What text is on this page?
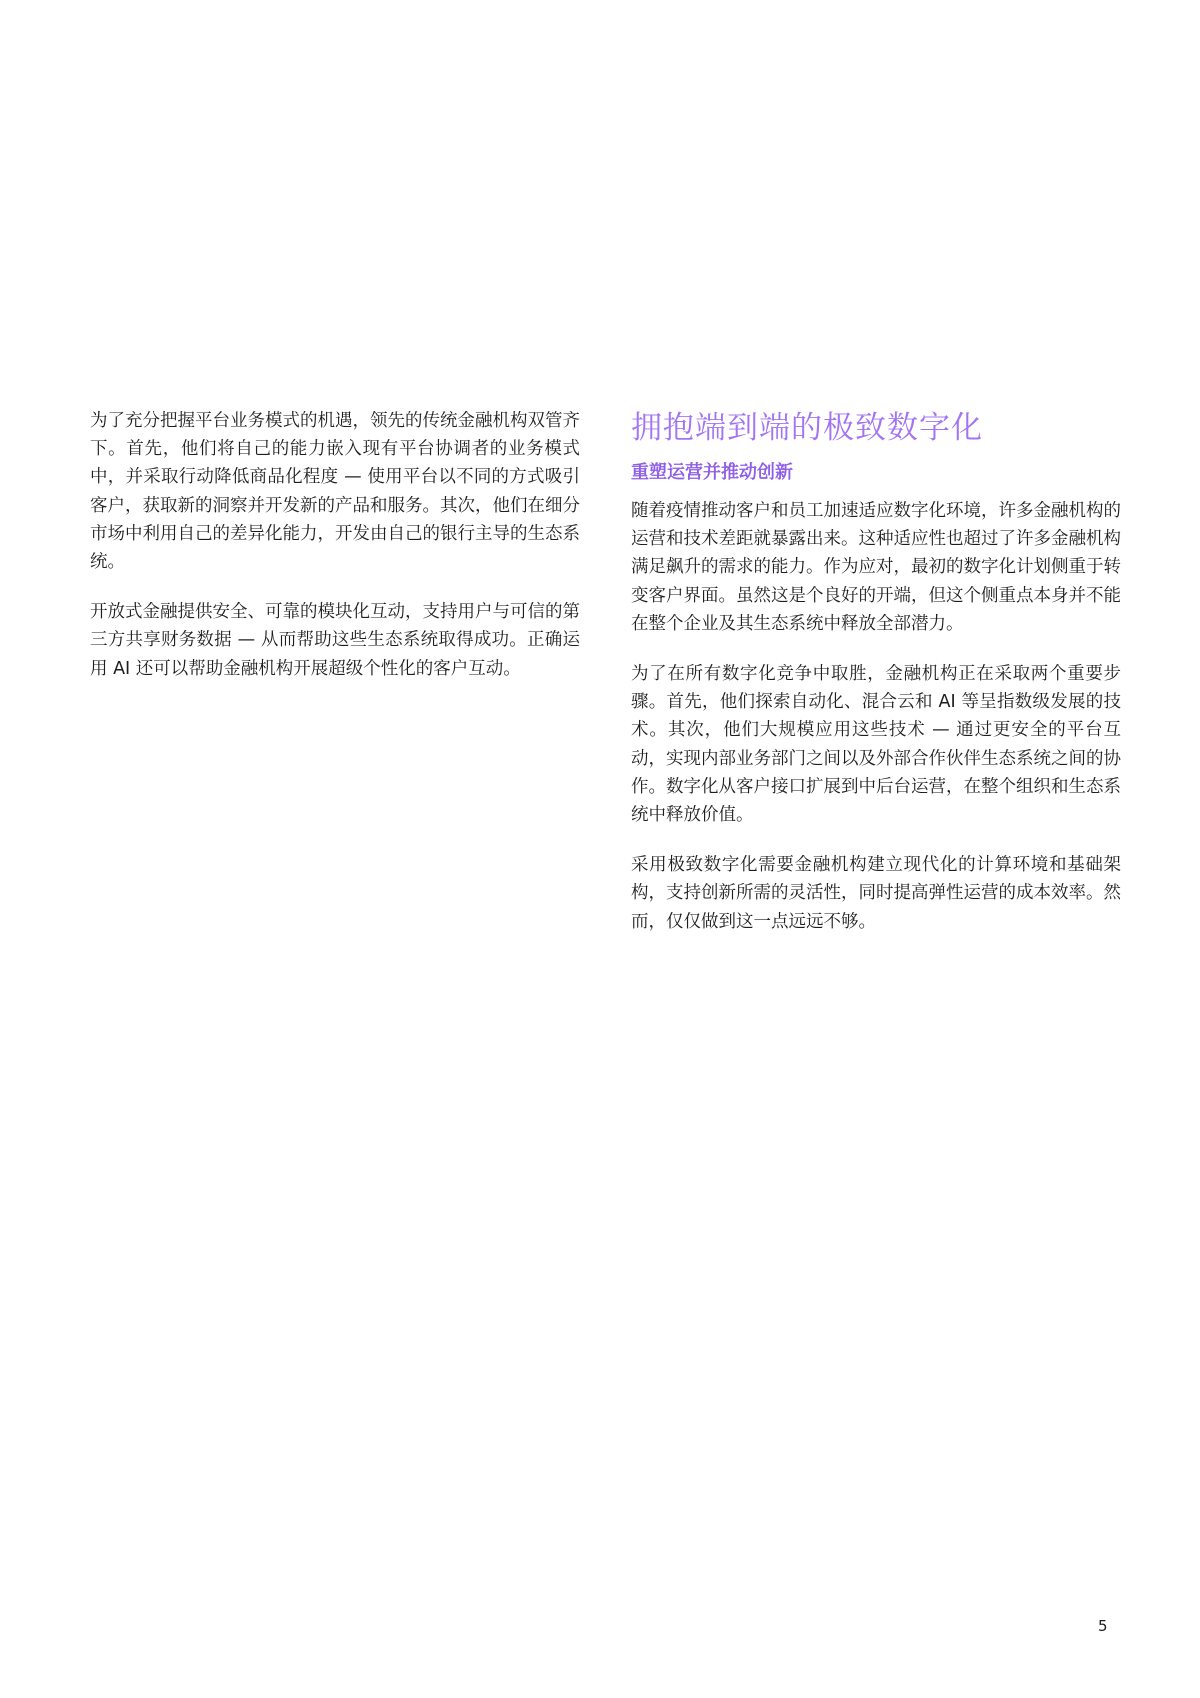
为了充分把握平台业务模式的机遇，领先的传统金融机构双管齐下。首先，他们将自己的能力嵌入现有平台协调者的业务模式中，并采取行动降低商品化程度 — 使用平台以不同的方式吸引客户，获取新的洞察并开发新的产品和服务。其次，他们在细分市场中利用自己的差异化能力，开发由自己的银行主导的生态系统。

开放式金融提供安全、可靠的模块化互动，支持用户与可信的第三方共享财务数据 — 从而帮助这些生态系统取得成功。正确运用 AI 还可以帮助金融机构开展超级个性化的客户互动。

拥抱端到端的极致数字化
重塑运营并推动创新

随着疫情推动客户和员工加速适应数字化环境，许多金融机构的运营和技术差距就暴露出来。这种适应性也超过了许多金融机构满足飙升的需求的能力。作为应对，最初的数字化计划侧重于转变客户界面。虽然这是个良好的开端，但这个侧重点本身并不能在整个企业及其生态系统中释放全部潜力。

为了在所有数字化竞争中取胜，金融机构正在采取两个重要步骤。首先，他们探索自动化、混合云和 AI 等呈指数级发展的技术。其次，他们大规模应用这些技术 — 通过更安全的平台互动，实现内部业务部门之间以及外部合作伙伴生态系统之间的协作。数字化从客户接口扩展到中后台运营，在整个组织和生态系统中释放价值。

采用极致数字化需要金融机构建立现代化的计算环境和基础架构，支持创新所需的灵活性，同时提高弹性运营的成本效率。然而，仅仅做到这一点远远不够。

5
